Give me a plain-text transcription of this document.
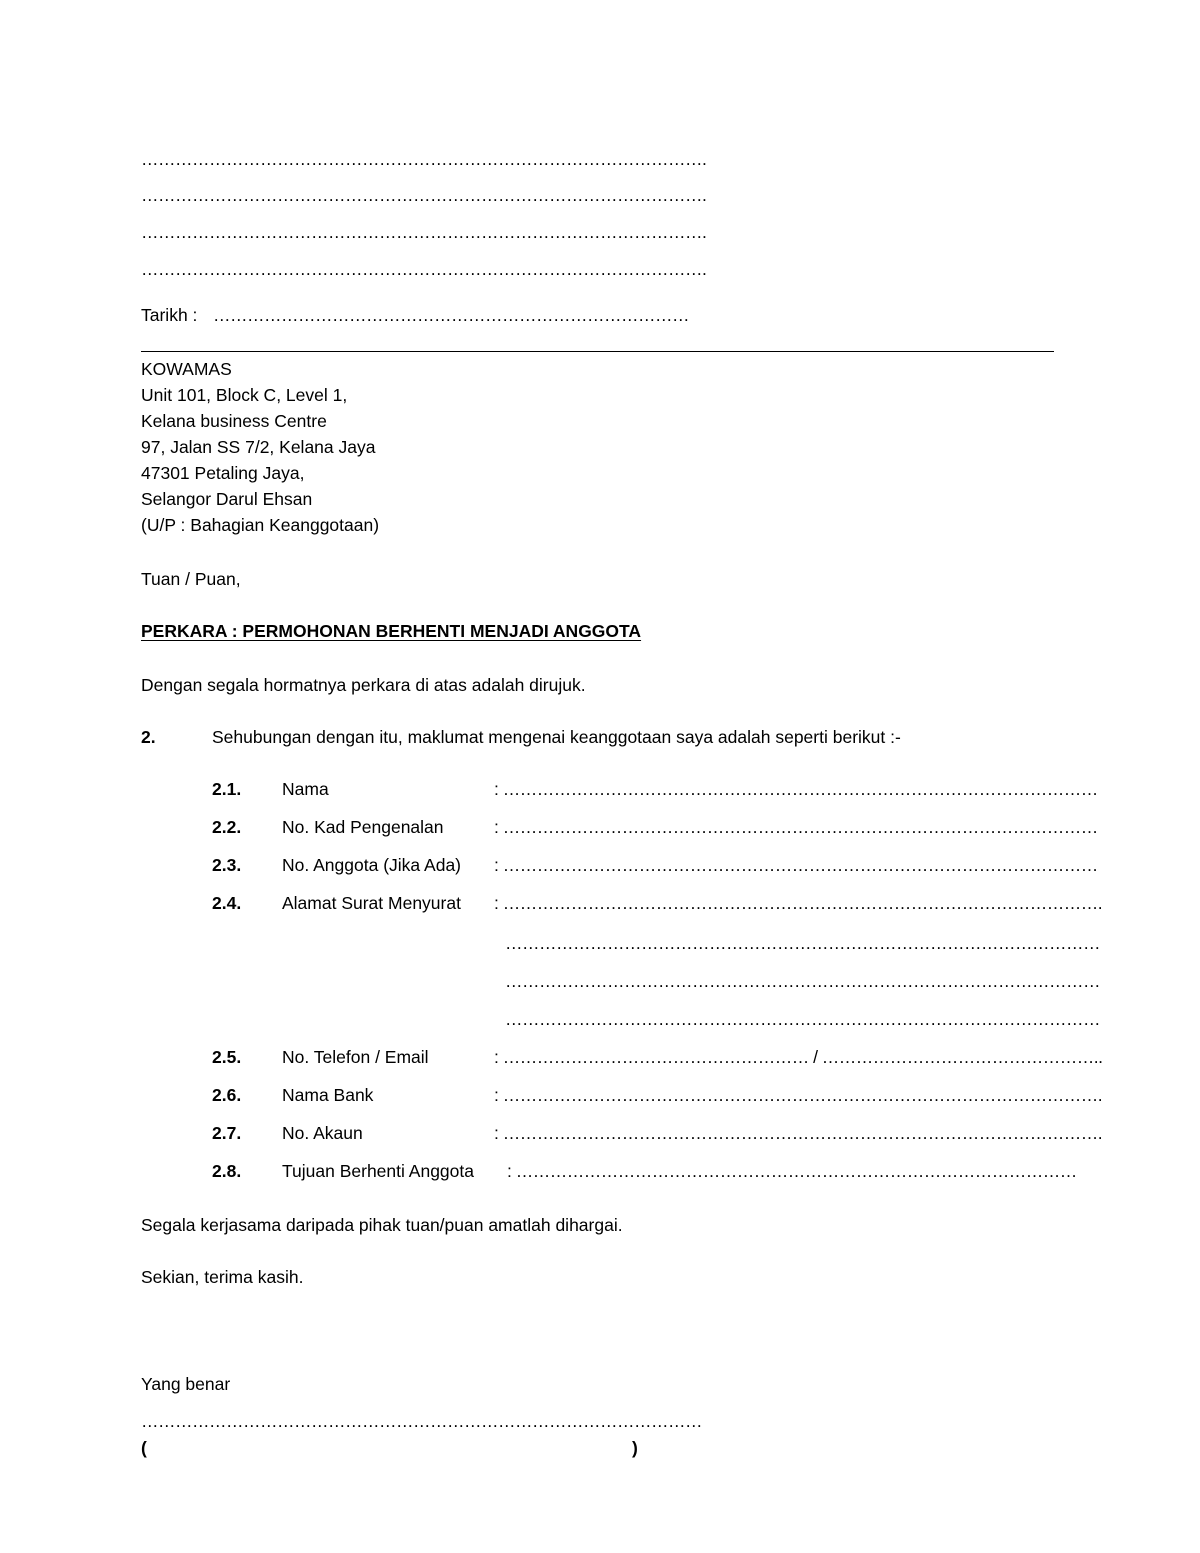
……………………………………………………………………………………….
……………………………………………………………………………………….
……………………………………………………………………………………….
……………………………………………………………………………………….
Tarikh : …………………………………………………………………………
KOWAMAS
Unit 101, Block C, Level 1,
Kelana business Centre
97, Jalan SS 7/2, Kelana Jaya
47301 Petaling Jaya,
Selangor Darul Ehsan
(U/P : Bahagian Keanggotaan)
Tuan / Puan,
PERKARA : PERMOHONAN BERHENTI MENJADI ANGGOTA
Dengan segala hormatnya perkara di atas adalah dirujuk.
2.	Sehubungan dengan itu, maklumat mengenai keanggotaan saya adalah seperti berikut :-
2.1. Nama	: ……………………………………………………………………………………………
2.2. No. Kad Pengenalan	: ……………………………………………………………………………………………
2.3. No. Anggota (Jika Ada) : ……………………………………………………………………………………………
2.4. Alamat Surat Menyurat : …………………………………………………………………………………………….
……………………………………………………………………………………………
……………………………………………………………………………………………
……………………………………………………………………………………………
2.5. No. Telefon / Email	: ……………………………………………… / …………………………………………..
2.6. Nama Bank	: …………………………………………………………………………………………….
2.7. No. Akaun	: …………………………………………………………………………………………….
2.8. Tujuan Berhenti Anggota : ………………………………………………………………………………………
Segala kerjasama daripada pihak tuan/puan amatlah dihargai.
Sekian, terima kasih.
Yang benar
………………………………………………………………………………………
(	)
